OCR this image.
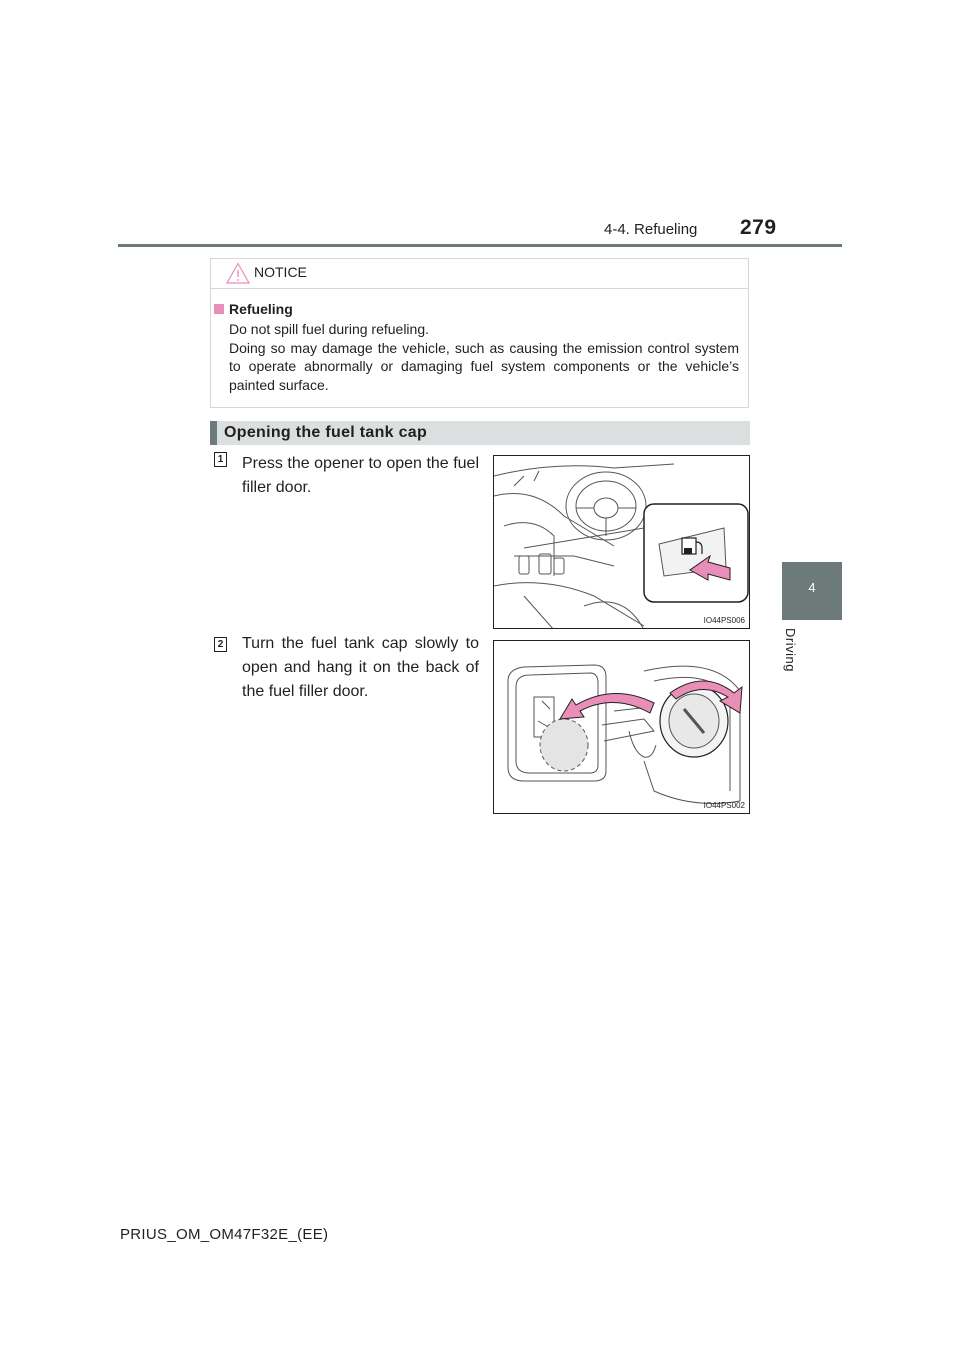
4-4. Refueling 279
4
Driving
NOTICE
Refueling

Do not spill fuel during refueling.

Doing so may damage the vehicle, such as causing the emission control system to operate abnormally or damaging fuel system components or the vehicle’s painted surface.

Opening the fuel tank cap
1 Press the opener to open the fuel filler door.
IO44PS006
2 Turn the fuel tank cap slowly to open and hang it on the back of the fuel filler door.
IO44PS002
PRIUS_OM_OM47F32E_(EE)
